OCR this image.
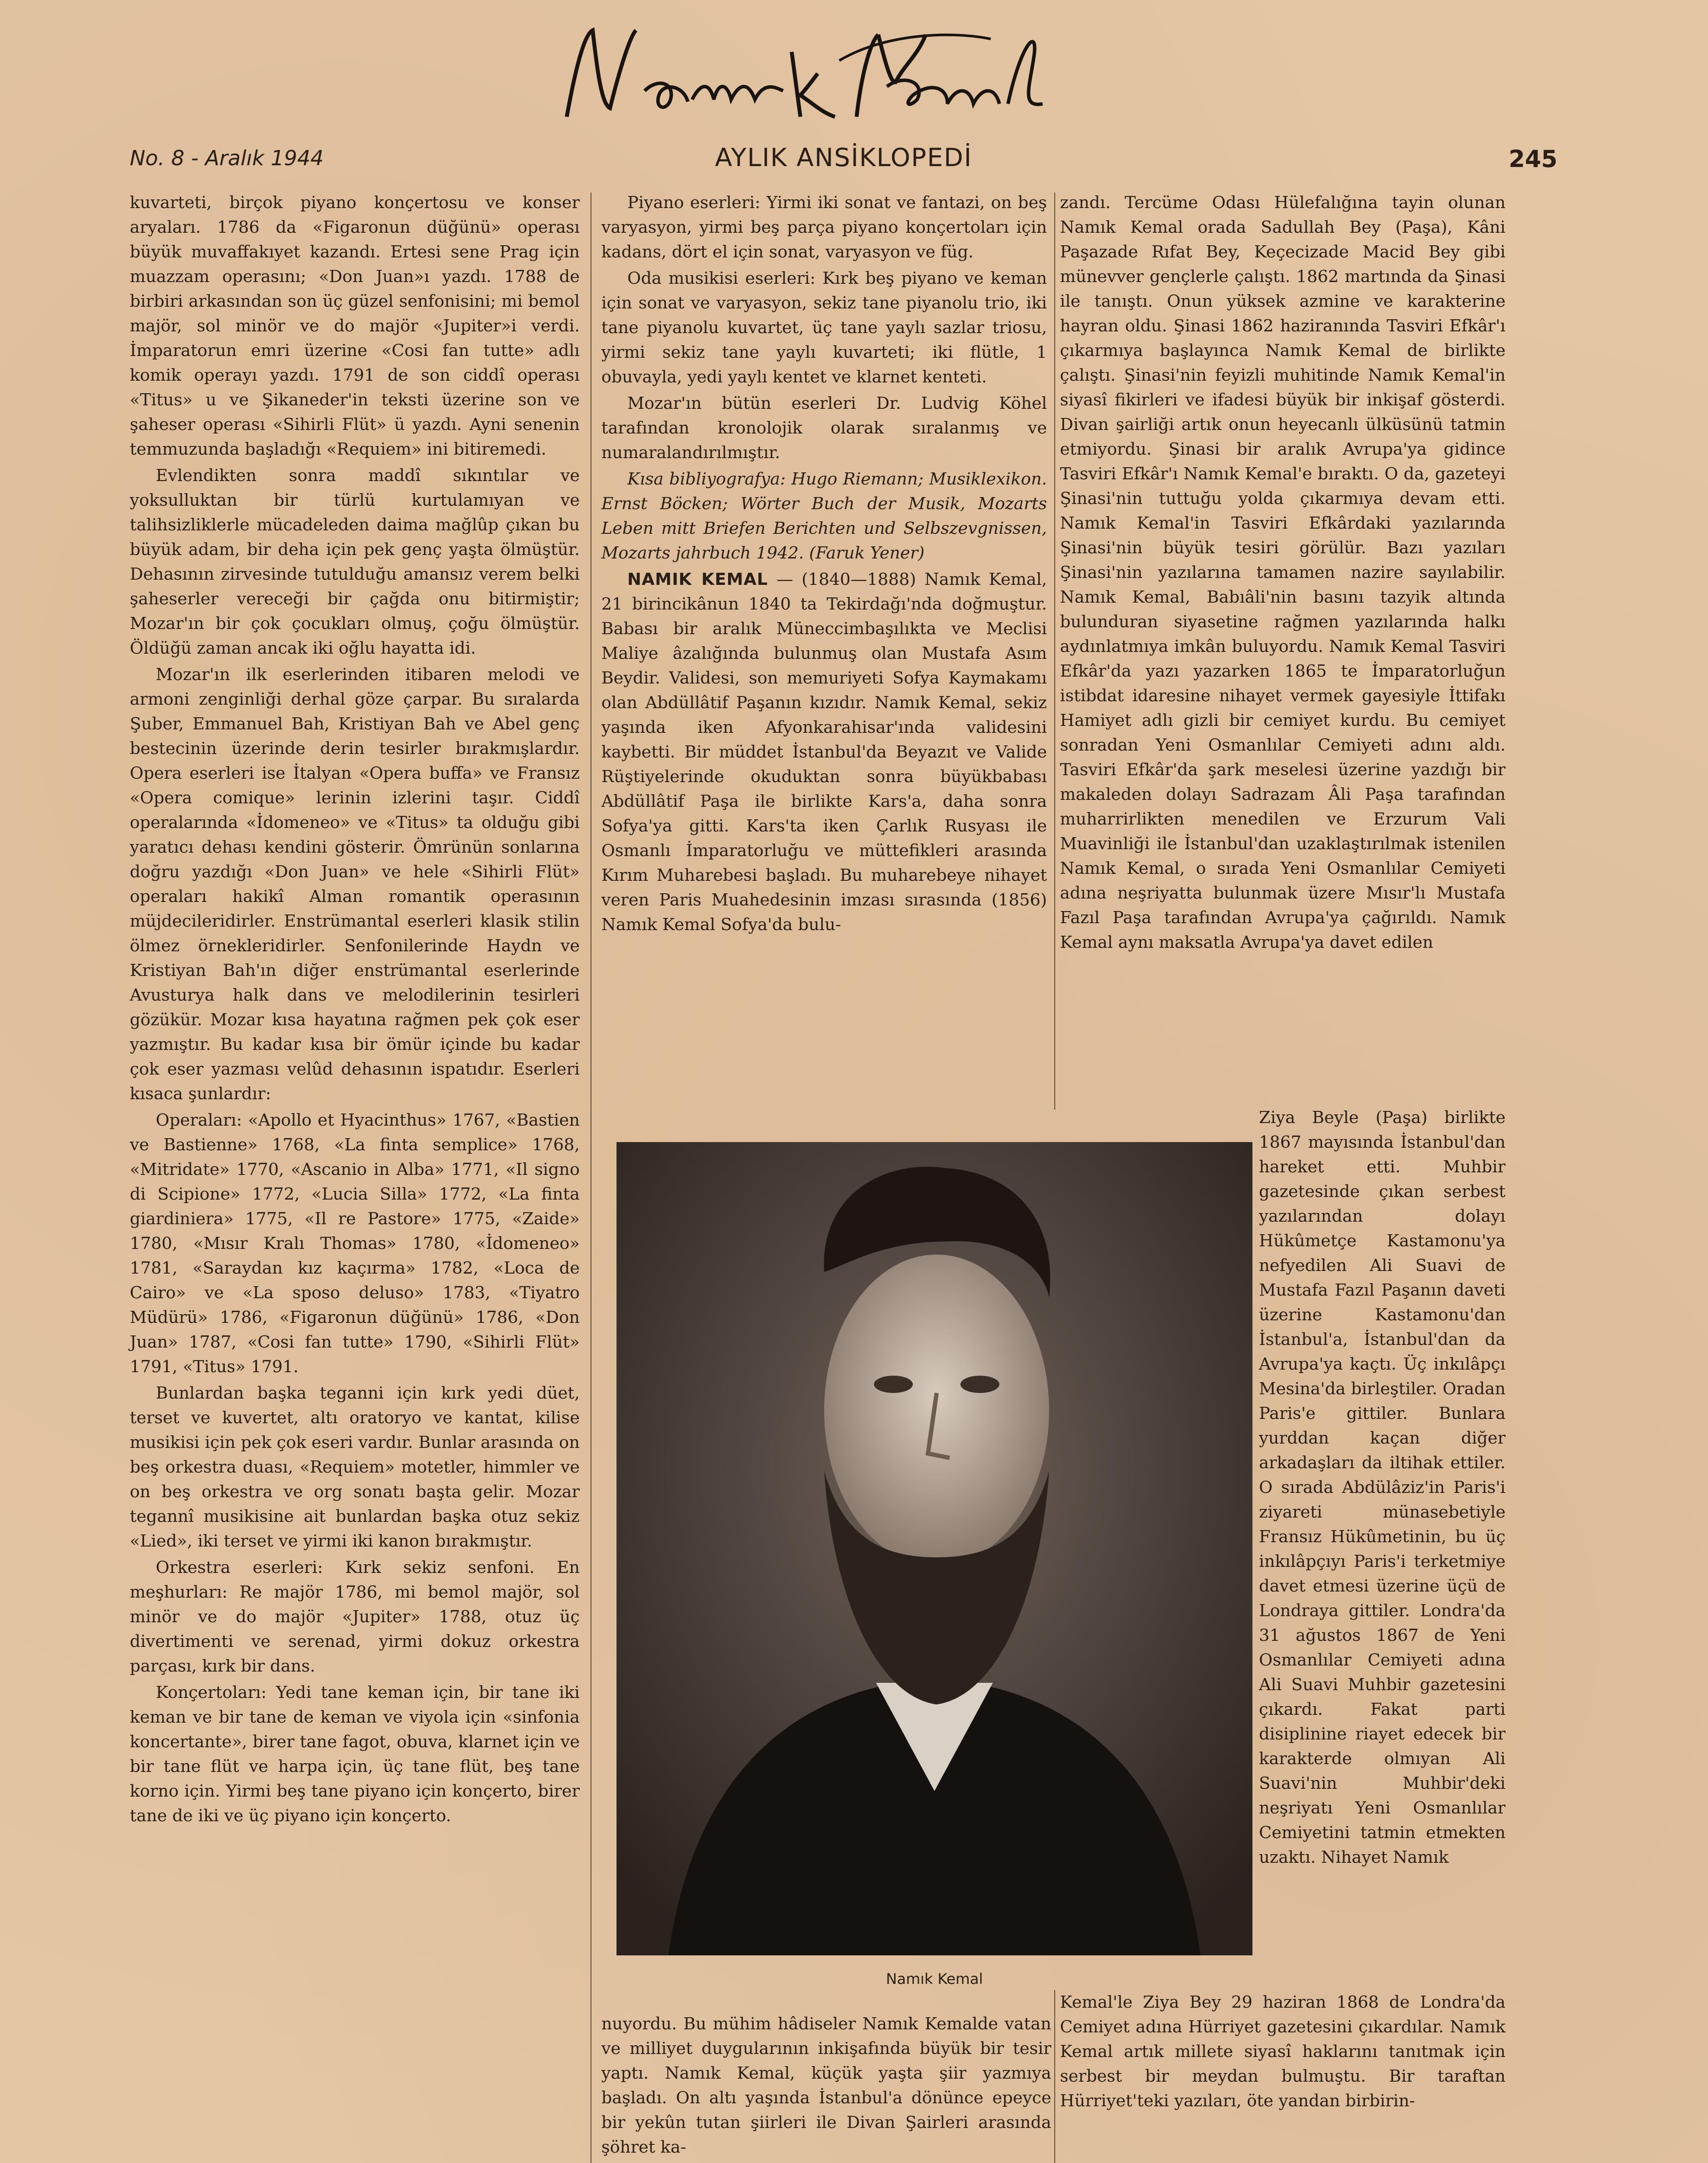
No. 8 - Aralık 1944	AYLIK ANSİKLOPEDİ	245

kuvarteti, birçok piyano konçertosu ve konser aryaları. 1786 da «Figaronun düğünü» operası büyük muvaffakıyet kazandı. Ertesi sene Prag için muazzam operasını; «Don Juan»ı yazdı. 1788 de birbiri arkasından son üç güzel senfonisini; mi bemol majör, sol minör ve do majör «Jupiter»i verdi. İmparatorun emri üzerine «Cosi fan tutte» adlı komik operayı yazdı. 1791 de son ciddî operası «Titus» u ve Şikaneder'in teksti üzerine son ve şaheser operası «Sihirli Flüt» ü yazdı. Ayni senenin temmuzunda başladığı «Requiem» ini bitiremedi.

Evlendikten sonra maddî sıkıntılar ve yoksulluktan bir türlü kurtulamıyan ve talihsizliklerle mücadeleden daima mağlûp çıkan bu büyük adam, bir deha için pek genç yaşta ölmüştür. Dehasının zirvesinde tutulduğu amansız verem belki şaheserler vereceği bir çağda onu bitirmiştir; Mozar'ın bir çok çocukları olmuş, çoğu ölmüştür. Öldüğü zaman ancak iki oğlu hayatta idi.

Mozar'ın ilk eserlerinden itibaren melodi ve armoni zenginliği derhal göze çarpar. Bu sıralarda Şuber, Emmanuel Bah, Kristiyan Bah ve Abel genç bestecinin üzerinde derin tesirler bırakmışlardır. Opera eserleri ise İtalyan «Opera buffa» ve Fransız «Opera comique» lerinin izlerini taşır. Ciddî operalarında «İdomeneo» ve «Titus» ta olduğu gibi yaratıcı dehası kendini gösterir. Ömrünün sonlarına doğru yazdığı «Don Juan» ve hele «Sihirli Flüt» operaları hakikî Alman romantik operasının müjdecileridirler. Enstrümantal eserleri klasik stilin ölmez örnekleridirler. Senfonilerinde Haydn ve Kristiyan Bah'ın diğer enstrümantal eserlerinde Avusturya halk dans ve melodilerinin tesirleri gözükür. Mozar kısa hayatına rağmen pek çok eser yazmıştır. Bu kadar kısa bir ömür içinde bu kadar çok eser yazması velûd dehasının ispatıdır. Eserleri kısaca şunlardır:

Operaları: «Apollo et Hyacinthus» 1767, «Bastien ve Bastienne» 1768, «La finta semplice» 1768, «Mitridate» 1770, «Ascanio in Alba» 1771, «Il signo di Scipione» 1772, «Lucia Silla» 1772, «La finta giardiniera» 1775, «Il re Pastore» 1775, «Zaide» 1780, «Mısır Kralı Thomas» 1780, «İdomeneo» 1781, «Saraydan kız kaçırma» 1782, «Loca de Cairo» ve «La sposo deluso» 1783, «Tiyatro Müdürü» 1786, «Figaronun düğünü» 1786, «Don Juan» 1787, «Cosi fan tutte» 1790, «Sihirli Flüt» 1791, «Titus» 1791.

Bunlardan başka teganni için kırk yedi düet, terset ve kuvertet, altı oratoryo ve kantat, kilise musikisi için pek çok eseri vardır. Bunlar arasında on beş orkestra duası, «Requiem» motetler, himmler ve on beş orkestra ve org sonatı başta gelir. Mozar tegannî musikisine ait bunlardan başka otuz sekiz «Lied», iki terset ve yirmi iki kanon bırakmıştır.

Orkestra eserleri: Kırk sekiz senfoni. En meşhurları: Re majör 1786, mi bemol majör, sol minör ve do majör «Jupiter» 1788, otuz üç divertimenti ve serenad, yirmi dokuz orkestra parçası, kırk bir dans.

Konçertoları: Yedi tane keman için, bir tane iki keman ve bir tane de keman ve viyola için «sinfonia koncertante», birer tane fagot, obuva, klarnet için ve bir tane flüt ve harpa için, üç tane flüt, beş tane korno için. Yirmi beş tane piyano için konçerto, birer tane de iki ve üç piyano için konçerto.

Piyano eserleri: Yirmi iki sonat ve fantazi, on beş varyasyon, yirmi beş parça piyano konçertoları için kadans, dört el için sonat, varyasyon ve füg.

Oda musikisi eserleri: Kırk beş piyano ve keman için sonat ve varyasyon, sekiz tane piyanolu trio, iki tane piyanolu kuvartet, üç tane yaylı sazlar triosu, yirmi sekiz tane yaylı kuvarteti; iki flütle, 1 obuvayla, yedi yaylı kentet ve klarnet kenteti.

Mozar'ın bütün eserleri Dr. Ludvig Köhel tarafından kronolojik olarak sıralanmış ve numaralandırılmıştır.

Kısa bibliyografya: Hugo Riemann; Musiklexikon. Ernst Böcken; Wörter Buch der Musik, Mozarts Leben mitt Briefen Berichten und Selbszevgnissen, Mozarts jahrbuch 1942. (Faruk Yener)

NAMIK KEMAL — (1840—1888) Namık Kemal, 21 birincikânun 1840 ta Tekirdağı'nda doğmuştur. Babası bir aralık Müneccimbaşılıkta ve Meclisi Maliye âzalığında bulunmuş olan Mustafa Asım Beydir. Validesi, son memuriyeti Sofya Kaymakamı olan Abdüllâtif Paşanın kızıdır. Namık Kemal, sekiz yaşında iken Afyonkarahisar'ında validesini kaybetti. Bir müddet İstanbul'da Beyazıt ve Valide Rüştiyelerinde okuduktan sonra büyükbabası Abdüllâtif Paşa ile birlikte Kars'a, daha sonra Sofya'ya gitti. Kars'ta iken Çarlık Rusyası ile Osmanlı İmparatorluğu ve müttefikleri arasında Kırım Muharebesi başladı. Bu muharebeye nihayet veren Paris Muahedesinin imzası sırasında (1856) Namık Kemal Sofya'da bulu-

Namık Kemal

nuyordu. Bu mühim hâdiseler Namık Kemalde vatan ve milliyet duygularının inkişafında büyük bir tesir yaptı. Namık Kemal, küçük yaşta şiir yazmıya başladı. On altı yaşında İstanbul'a dönünce epeyce bir yekûn tutan şiirleri ile Divan Şairleri arasında şöhret ka-

zandı. Tercüme Odası Hülefalığına tayin olunan Namık Kemal orada Sadullah Bey (Paşa), Kâni Paşazade Rıfat Bey, Keçecizade Macid Bey gibi münevver gençlerle çalıştı. 1862 martında da Şinasi ile tanıştı. Onun yüksek azmine ve karakterine hayran oldu. Şinasi 1862 haziranında Tasviri Efkâr'ı çıkarmıya başlayınca Namık Kemal de birlikte çalıştı. Şinasi'nin feyizli muhitinde Namık Kemal'in siyasî fikirleri ve ifadesi büyük bir inkişaf gösterdi. Divan şairliği artık onun heyecanlı ülküsünü tatmin etmiyordu. Şinasi bir aralık Avrupa'ya gidince Tasviri Efkâr'ı Namık Kemal'e bıraktı. O da, gazeteyi Şinasi'nin tuttuğu yolda çıkarmıya devam etti. Namık Kemal'in Tasviri Efkârdaki yazılarında Şinasi'nin büyük tesiri görülür. Bazı yazıları Şinasi'nin yazılarına tamamen nazire sayılabilir. Namık Kemal, Babıâli'nin basını tazyik altında bulunduran siyasetine rağmen yazılarında halkı aydınlatmıya imkân buluyordu. Namık Kemal Tasviri Efkâr'da yazı yazarken 1865 te İmparatorluğun istibdat idaresine nihayet vermek gayesiyle İttifakı Hamiyet adlı gizli bir cemiyet kurdu. Bu cemiyet sonradan Yeni Osmanlılar Cemiyeti adını aldı. Tasviri Efkâr'da şark meselesi üzerine yazdığı bir makaleden dolayı Sadrazam Âli Paşa tarafından muharrirlikten menedilen ve Erzurum Vali Muavinliği ile İstanbul'dan uzaklaştırılmak istenilen Namık Kemal, o sırada Yeni Osmanlılar Cemiyeti adına neşriyatta bulunmak üzere Mısır'lı Mustafa Fazıl Paşa tarafından Avrupa'ya çağırıldı. Namık Kemal aynı maksatla Avrupa'ya davet edilen

Ziya Beyle (Paşa) birlikte 1867 mayısında İstanbul'dan hareket etti. Muhbir gazetesinde çıkan serbest yazılarından dolayı Hükûmetçe Kastamonu'ya nefyedilen Ali Suavi de Mustafa Fazıl Paşanın daveti üzerine Kastamonu'dan İstanbul'a, İstanbul'dan da Avrupa'ya kaçtı. Üç inkılâpçı Mesina'da birleştiler. Oradan Paris'e gittiler. Bunlara yurddan kaçan diğer arkadaşları da iltihak ettiler. O sırada Abdülâziz'in Paris'i ziyareti münasebetiyle Fransız Hükûmetinin, bu üç inkılâpçıyı Paris'i terketmiye davet etmesi üzerine üçü de Londraya gittiler. Londra'da 31 ağustos 1867 de Yeni Osmanlılar Cemiyeti adına Ali Suavi Muhbir gazetesini çıkardı. Fakat parti disiplinine riayet edecek bir karakterde olmıyan Ali Suavi'nin Muhbir'deki neşriyatı Yeni Osmanlılar Cemiyetini tatmin etmekten uzaktı. Nihayet Namık

Kemal'le Ziya Bey 29 haziran 1868 de Londra'da Cemiyet adına Hürriyet gazetesini çıkardılar. Namık Kemal artık millete siyasî haklarını tanıtmak için serbest bir meydan bulmuştu. Bir taraftan Hürriyet'teki yazıları, öte yandan birbirin-
